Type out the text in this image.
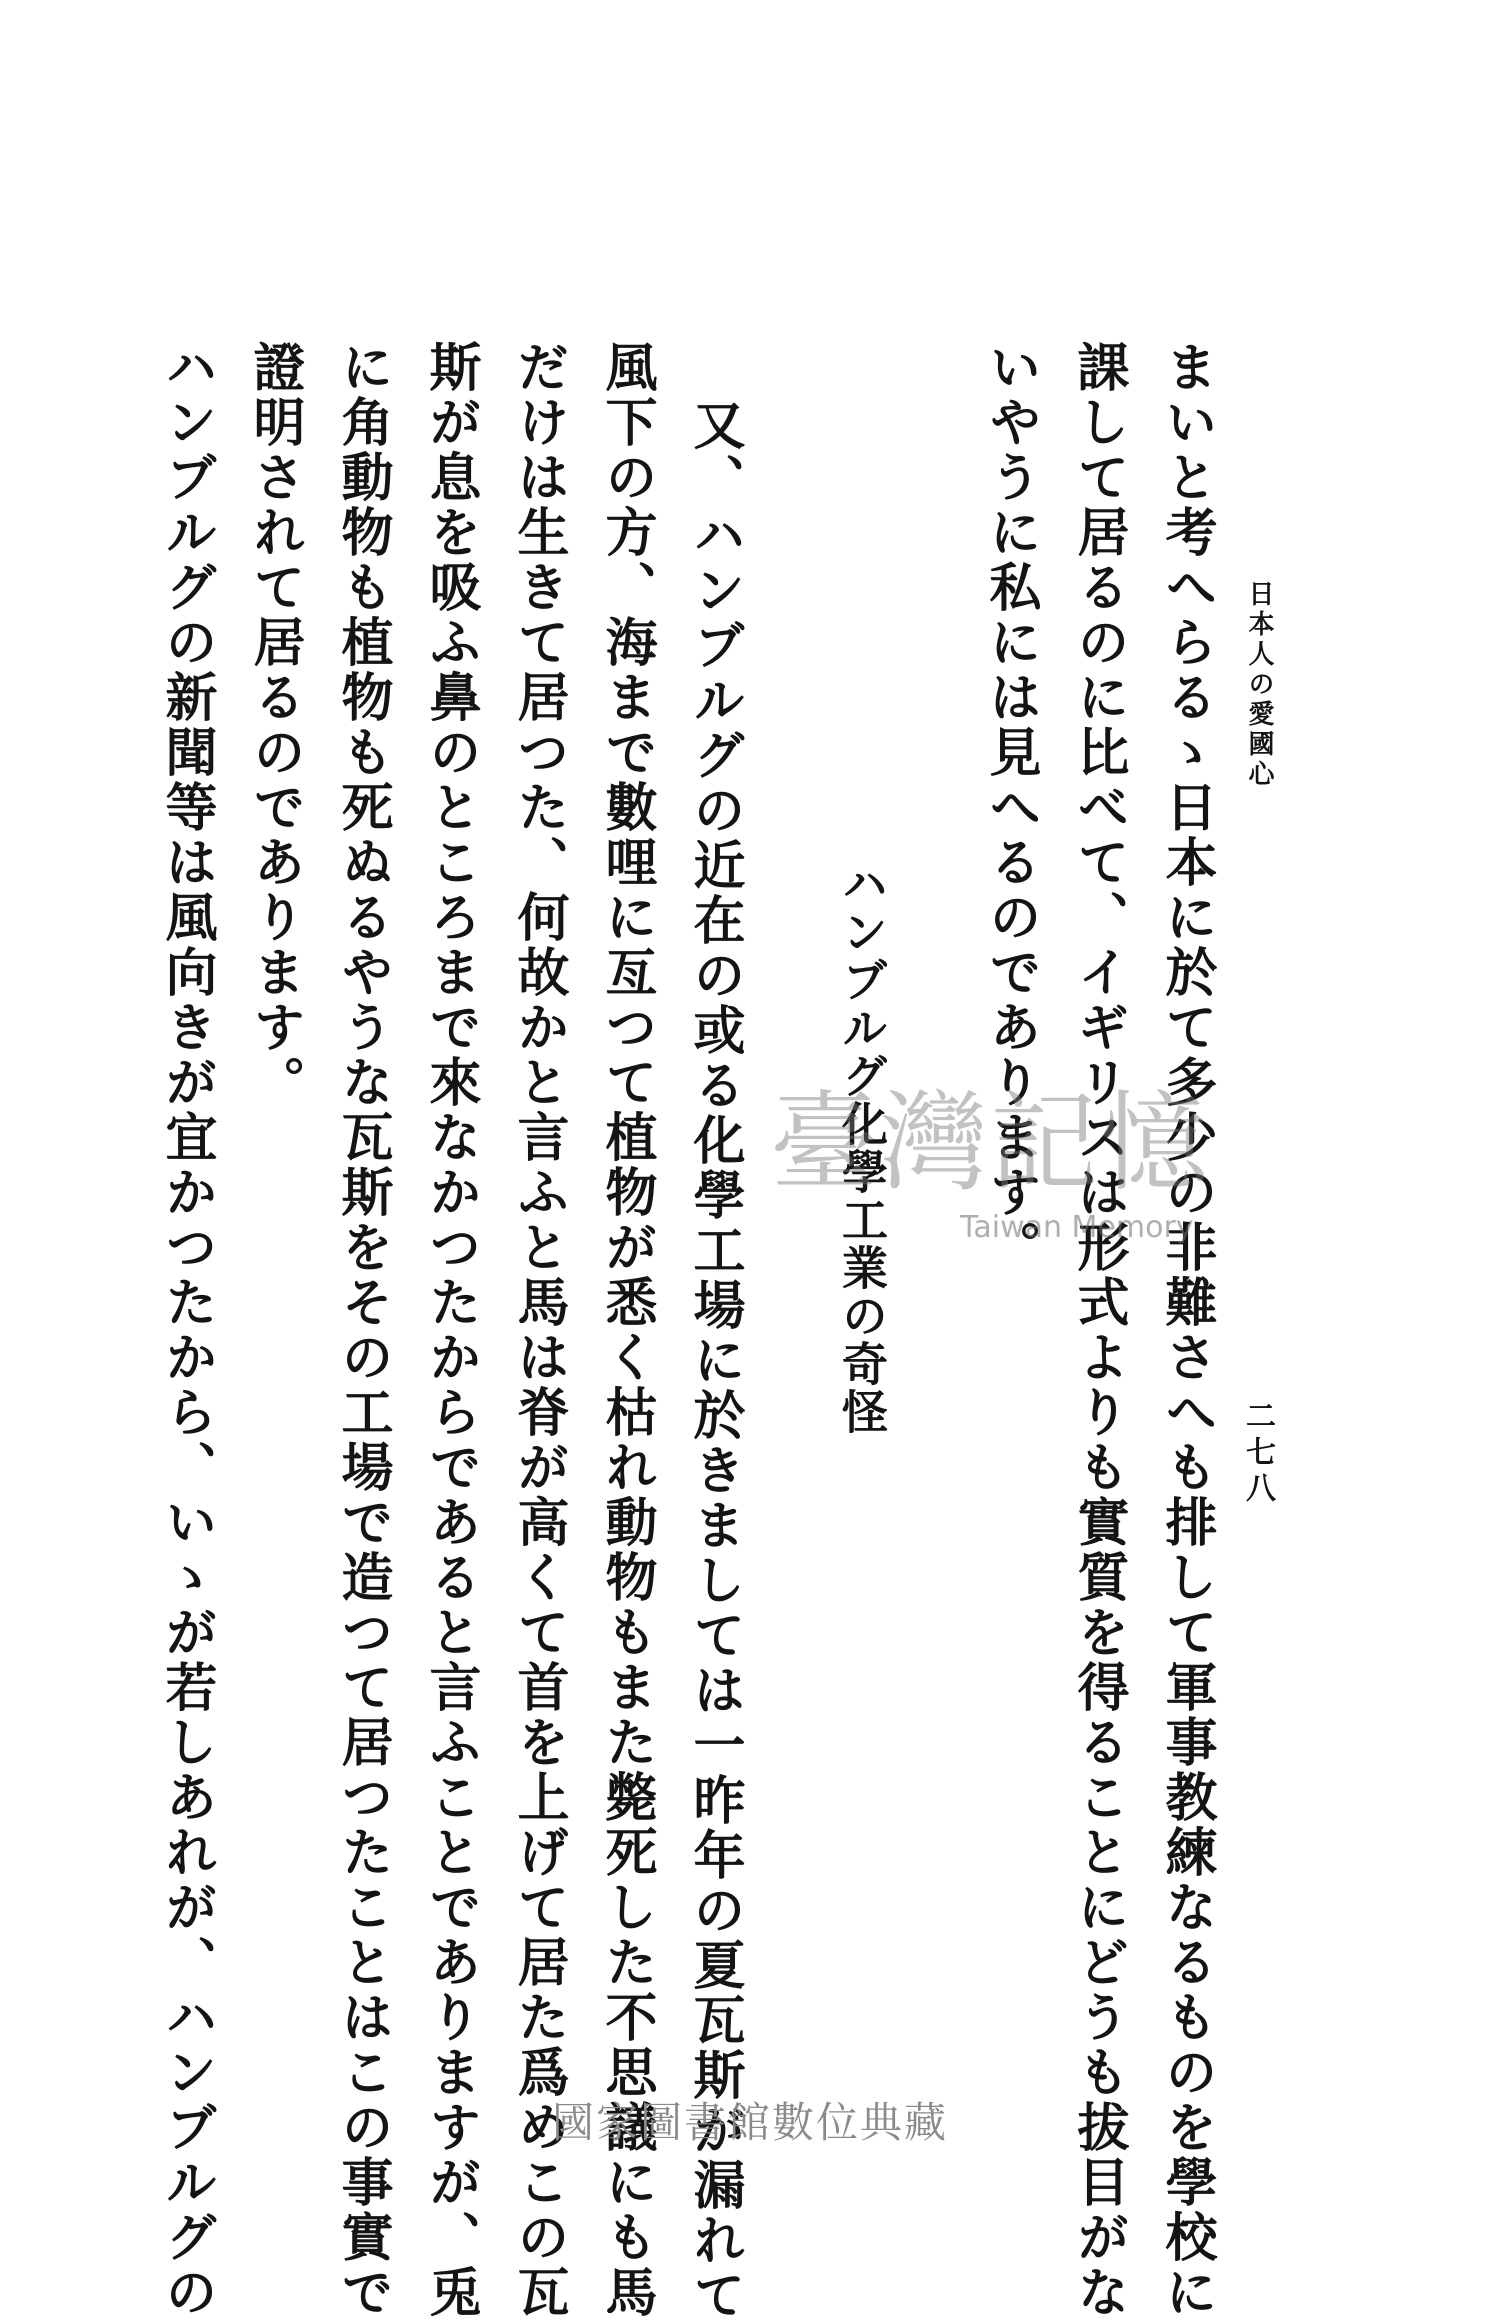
日本人の愛國心
二七八
まいと考へらるゝ日本に於て多少の非難さへも排して軍事教練なるものを學校に
課して居るのに比べて、イギリスは形式よりも實質を得ることにどうも拔目がな
いやうに私には見へるのであります。
ハンブルグ化學工業の奇怪
又、ハンブルグの近在の或る化學工場に於きましては一昨年の夏瓦斯が漏れて
風下の方、海まで數哩に亙つて植物が悉く枯れ動物もまた斃死した不思議にも馬
だけは生きて居つた、何故かと言ふと馬は脊が高くて首を上げて居た爲めこの瓦
斯が息を吸ふ鼻のところまで來なかつたからであると言ふことでありますが、兎
に角動物も植物も死ぬるやうな瓦斯をその工場で造つて居つたことはこの事實で
證明されて居るのであります。
ハンブルグの新聞等は風向きが宜かつたから、いゝが若しあれが、ハンブルグの	臺灣記憶
Taiwan Memory
國家圖書館數位典藏
